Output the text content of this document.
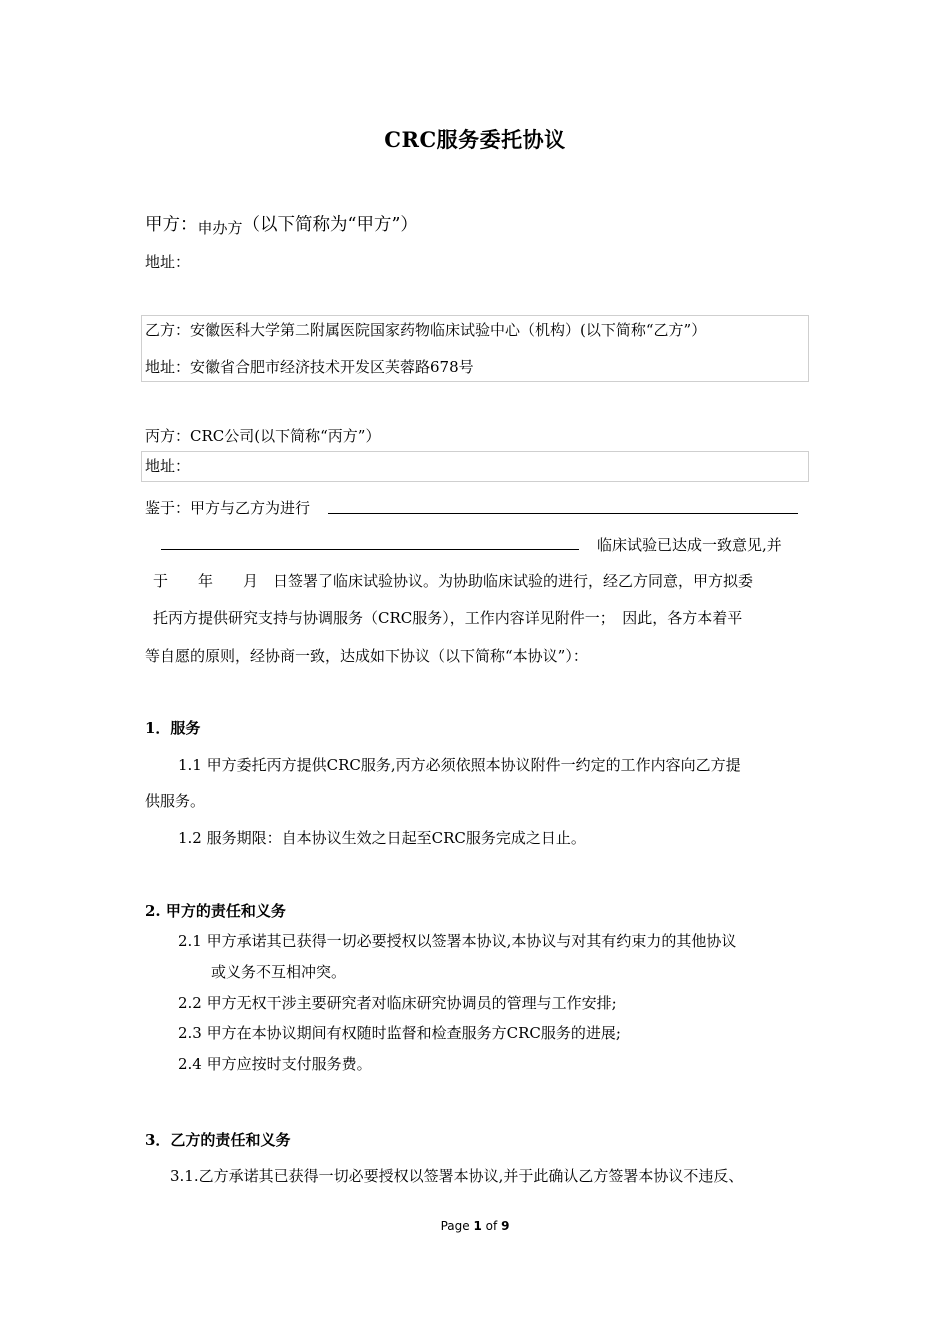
CRC服务委托协议
甲方：申办方（以下简称为“甲方”）
地址：
乙方：安徽医科大学第二附属医院国家药物临床试验中心（机构）(以下简称“乙方”）
地址：安徽省合肥市经济技术开发区芙蓉路678号
丙方：CRC公司(以下简称“丙方”）
地址：
鉴于：甲方与乙方为进行
临床试验已达成一致意见,并
于　　年　　月　日签署了临床试验协议。为协助临床试验的进行，经乙方同意，甲方拟委
托丙方提供研究支持与协调服务（CRC服务），工作内容详见附件一；　因此，各方本着平
等自愿的原则，经协商一致，达成如下协议（以下简称“本协议”）：
1．服务
1.1 甲方委托丙方提供CRC服务,丙方必须依照本协议附件一约定的工作内容向乙方提
供服务。
1.2 服务期限：自本协议生效之日起至CRC服务完成之日止。
2. 甲方的责任和义务
2.1 甲方承诺其已获得一切必要授权以签署本协议,本协议与对其有约束力的其他协议
或义务不互相冲突。
2.2 甲方无权干涉主要研究者对临床研究协调员的管理与工作安排;
2.3 甲方在本协议期间有权随时监督和检查服务方CRC服务的进展;
2.4 甲方应按时支付服务费。
3．乙方的责任和义务
3.1.乙方承诺其已获得一切必要授权以签署本协议,并于此确认乙方签署本协议不违反、
Page 1 of 9
